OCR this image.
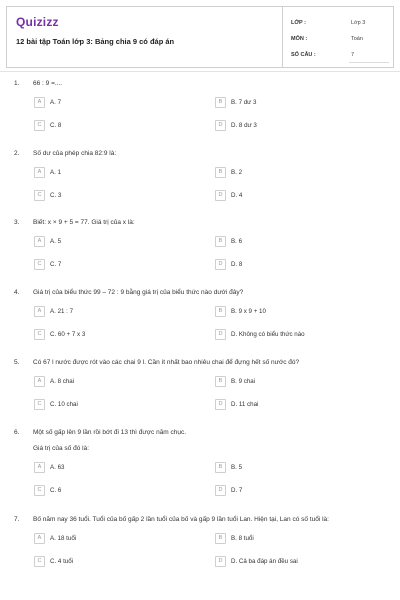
Quizizz
12 bài tập Toán lớp 3: Bảng chia 9 có đáp án
LỚP :	Lớp 3
MÔN :	Toán
SỐ CÂU :	7
1. 66 : 9 =....
A	A. 7	B	B. 7 dư 3
C	C. 8	D	D. 8 dư 3
2. Số dư của phép chia 82:9 là:
A	A. 1	B	B. 2
C	C. 3	D	D. 4
3. Biết: x × 9 + 5 = 77. Giá trị của x là:
A	A. 5	B	B. 6
C	C. 7	D	D. 8
4. Giá trị của biểu thức 99 – 72 : 9 bằng giá trị của biểu thức nào dưới đây?
A	A. 21 : 7	B	B. 9 x 9 + 10
C	C. 60 + 7 x 3	D	D. Không có biểu thức nào
5. Có 67 l nước được rót vào các chai 9 l. Cần ít nhất bao nhiêu chai để đựng hết số nước đó?
A	A. 8 chai	B	B. 9 chai
C	C. 10 chai	D	D. 11 chai
6. Một số gấp lên 9 lần rồi bớt đi 13 thì được năm chục.
Giá trị của số đó là:
A	A. 63	B	B. 5
C	C. 6	D	D. 7
7. Bố năm nay 36 tuổi. Tuổi của bố gấp 2 lần tuổi của bố và gấp 9 lần tuổi Lan. Hiện tại, Lan có số tuổi là:
A	A. 18 tuổi	B	B. 8 tuổi
C	C. 4 tuổi	D	D. Cả ba đáp án đều sai
